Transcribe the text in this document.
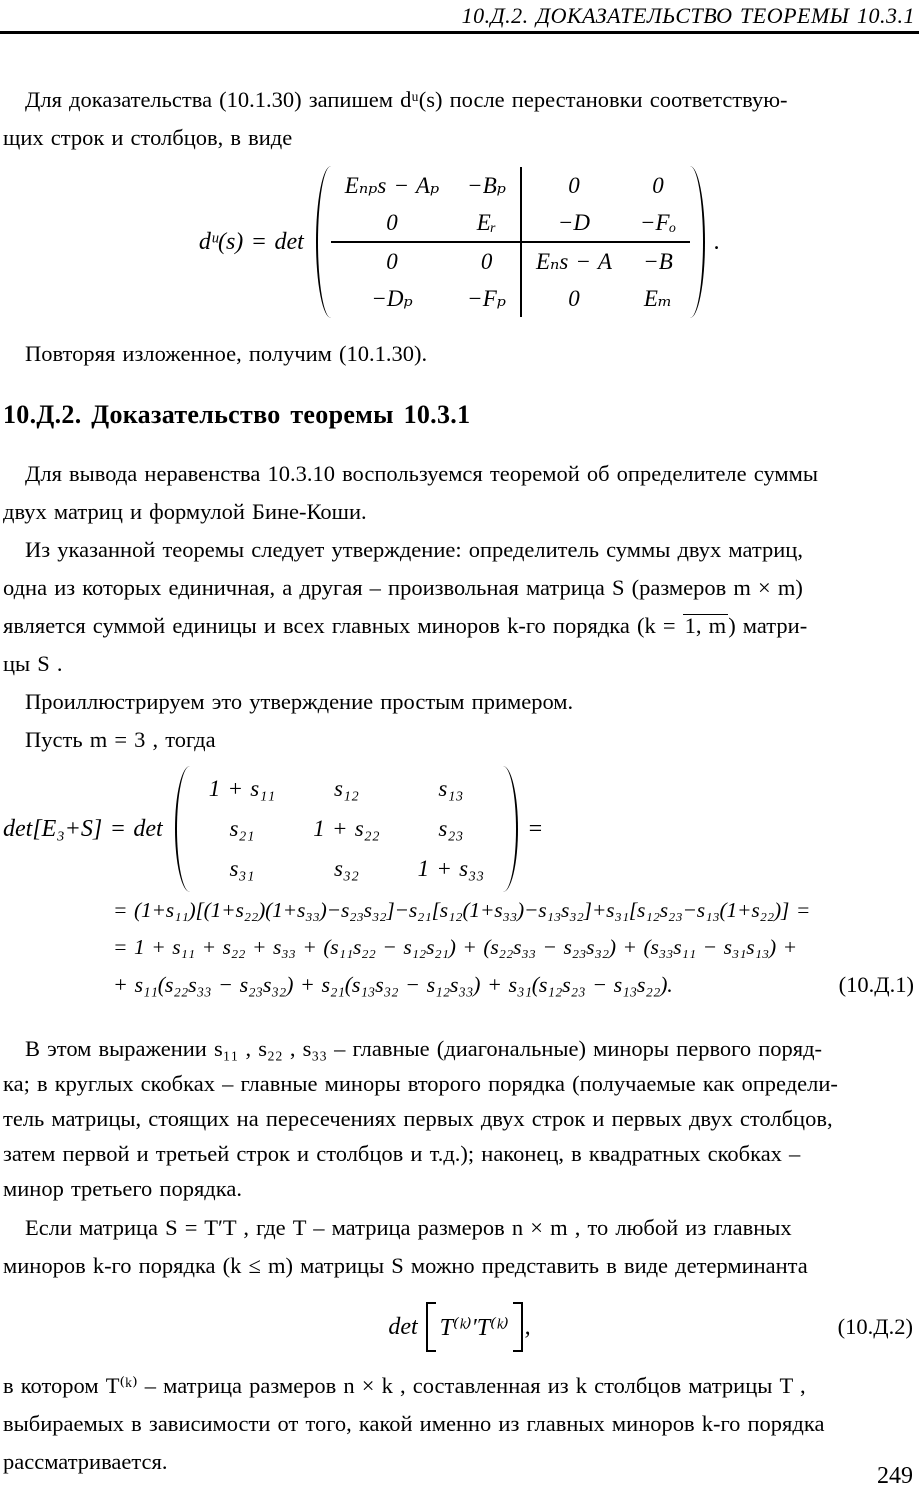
10.Д.2. ДОКАЗАТЕЛЬСТВО ТЕОРЕМЫ 10.3.1

Для доказательства (10.1.30) запишем dᵘ(s) после перестановки соответствую-
щих строк и столбцов, в виде

dᵘ(s) = det
Eₙₚs − Aₚ	−Bₚ	0	0
0	Eᵣ	−D	−Fₒ
0	0	Eₙs − A	−B
−Dₚ	−Fₚ	0	Eₘ
.

Повторяя изложенное, получим (10.1.30).

10.Д.2. Доказательство теоремы 10.3.1

Для вывода неравенства 10.3.10 воспользуемся теоремой об определителе суммы
двух матриц и формулой Бине-Коши.

Из указанной теоремы следует утверждение: определитель суммы двух матриц,
одна из которых единичная, а другая – произвольная матрица S (размеров m × m)
является суммой единицы и всех главных миноров k-го порядка (k = 1, m) матри-
цы S .
Проиллюстрируем это утверждение простым примером.
Пусть m = 3 , тогда
det[E₃+S] = det
1 + s₁₁	s₁₂	s₁₃
s₂₁	1 + s₂₂	s₂₃
s₃₁	s₃₂	1 + s₃₃
=
= (1+s₁₁)[(1+s₂₂)(1+s₃₃)−s₂₃s₃₂]−s₂₁[s₁₂(1+s₃₃)−s₁₃s₃₂]+s₃₁[s₁₂s₂₃−s₁₃(1+s₂₂)] =
= 1 + s₁₁ + s₂₂ + s₃₃ + (s₁₁s₂₂ − s₁₂s₂₁) + (s₂₂s₃₃ − s₂₃s₃₂) + (s₃₃s₁₁ − s₃₁s₁₃) +
+ s₁₁(s₂₂s₃₃ − s₂₃s₃₂) + s₂₁(s₁₃s₃₂ − s₁₂s₃₃) + s₃₁(s₁₂s₂₃ − s₁₃s₂₂).	(10.Д.1)

В этом выражении s₁₁ , s₂₂ , s₃₃ – главные (диагональные) миноры первого поряд-
ка; в круглых скобках – главные миноры второго порядка (получаемые как определи-
тель матрицы, стоящих на пересечениях первых двух строк и первых двух столбцов,
затем первой и третьей строк и столбцов и т.д.); наконец, в квадратных скобках –
минор третьего порядка.

Если матрица S = T′T , где T – матрица размеров n × m , то любой из главных
миноров k-го порядка (k ≤ m) матрицы S можно представить в виде детерминанта

det T⁽ᵏ⁾′T⁽ᵏ⁾ ,	(10.Д.2)

в котором T⁽ᵏ⁾ – матрица размеров n × k , составленная из k столбцов матрицы T ,
выбираемых в зависимости от того, какой именно из главных миноров k-го порядка
рассматривается.

249
